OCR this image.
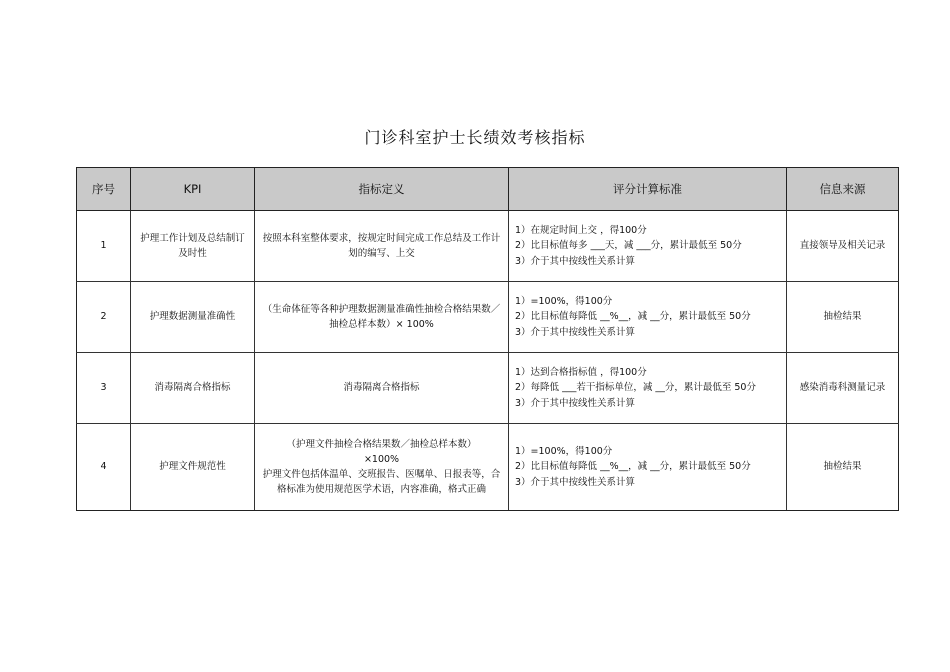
门诊科室护士长绩效考核指标
序号	KPI	指标定义	评分计算标准	信息来源
1	护理工作计划及总结制订及时性	按照本科室整体要求，按规定时间完成工作总结及工作计划的编写、上交	1）在规定时间上交 ，得100分
2）比目标值每多 ___天，减 ___分，累计最低至 50分
3）介于其中按线性关系计算	直接领导及相关记录
2	护理数据测量准确性	（生命体征等各种护理数据测量准确性抽检合格结果数／抽检总样本数）× 100%	1）=100%，得100分
2）比目标值每降低 __%__，减 __分，累计最低至 50分
3）介于其中按线性关系计算	抽检结果
3	消毒隔离合格指标	消毒隔离合格指标	1）达到合格指标值 ，得100分
2）每降低 ___若干指标单位，减 __分，累计最低至 50分
3）介于其中按线性关系计算	感染消毒科测量记录
4	护理文件规范性	（护理文件抽检合格结果数／抽检总样本数）
×100%
护理文件包括体温单、交班报告、医嘱单、日报表等，合格标准为使用规范医学术语，内容准确，格式正确	1）=100%，得100分
2）比目标值每降低 __%__，减 __分，累计最低至 50分
3）介于其中按线性关系计算	抽检结果
